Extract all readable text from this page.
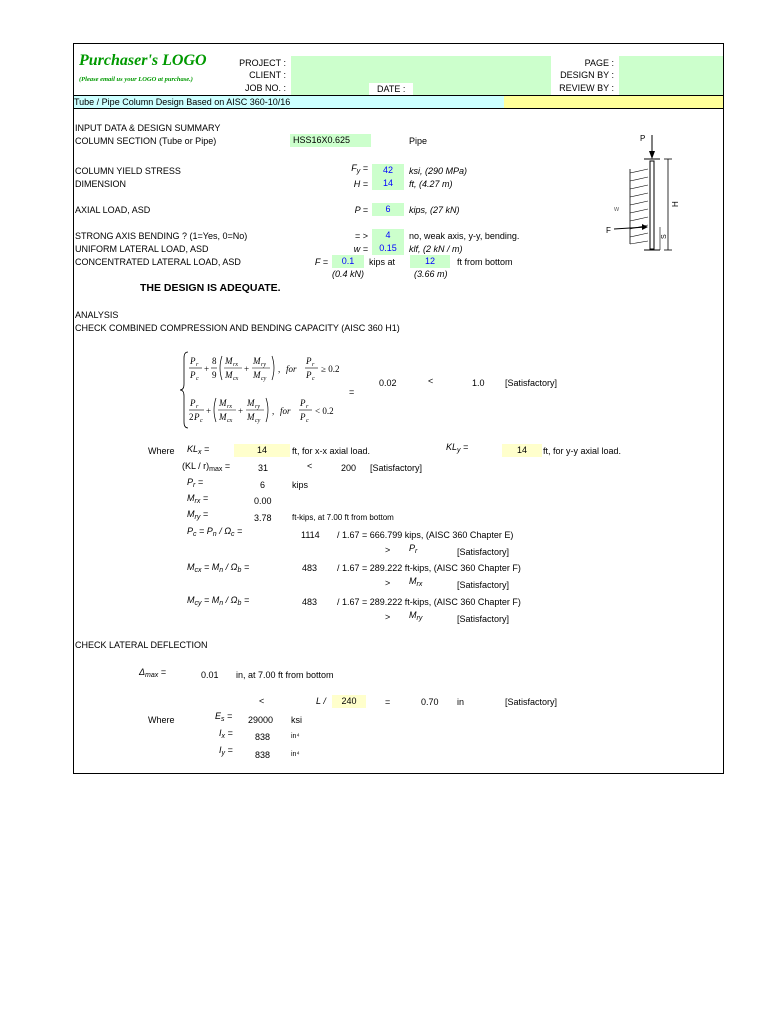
Purchaser's LOGO
(Please email us your LOGO at purchase.)
PROJECT :
CLIENT :
JOB NO. :	DATE :
PAGE :
DESIGN BY :
REVIEW BY :
Tube / Pipe Column Design Based on AISC 360-10/16
INPUT DATA & DESIGN SUMMARY
COLUMN SECTION (Tube or Pipe)	HSS16X0.625	Pipe
COLUMN YIELD STRESS	$F_y$ =	42	ksi, (290 MPa)
DIMENSION	H =	14	ft, (4.27 m)
AXIAL LOAD, ASD	P =	6	kips, (27 kN)
STRONG AXIS BENDING ? (1=Yes, 0=No)	= >	4	no, weak axis, y-y, bending.
UNIFORM LATERAL LOAD, ASD	w =	0.15	klf, (2 kN / m)
CONCENTRATED LATERAL LOAD, ASD	F =	0.1	kips at	12	ft from bottom
(0.4 kN)	(3.66 m)
THE DESIGN IS ADEQUATE.
P
w
F
H
S
ANALYSIS
CHECK COMBINED COMPRESSION AND BENDING CAPACITY (AISC 360 H1)
P r
P c
+
8
9
M rx
M cx
+
M ry
M cy
, for
P r
P c
≥ 0.2
P r
2 P c
+
M rx
M cx
+
M ry
M cy
, for
P r
P c
< 0.2
=
0.02	<	1.0 [Satisfactory]
Where $KL_x$ =	14	ft, for x-x axial load.	$KL_y$ =	14	ft, for y-y axial load.
$(KL / r)_{max}$ =	31	<	200 [Satisfactory]
$P_r$ =	6	kips
$M_{rx}$ =	0.00
$M_{ry}$ =	3.78	ft-kips, at 7.00 ft from bottom
$P_c = P_n / \Omega_c$ =	1114 / 1.67 = 666.799 kips, (AISC 360 Chapter E)
> $P_r$	[Satisfactory]
$M_{cx} = M_n / \Omega_b$ =	483 / 1.67 = 289.222 ft-kips, (AISC 360 Chapter F)
> $M_{rx}$	[Satisfactory]
$M_{cy} = M_n / \Omega_b$ =	483 / 1.67 = 289.222 ft-kips, (AISC 360 Chapter F)
> $M_{ry}$	[Satisfactory]
CHECK LATERAL DEFLECTION
$\Delta_{max}$ =	0.01 in, at 7.00 ft from bottom
<	L /	240	=	0.70 in	[Satisfactory]
Where	$E_s = 29000$ ksi
$I_x = 838$	in⁴
$I_y = 838$	in⁴
